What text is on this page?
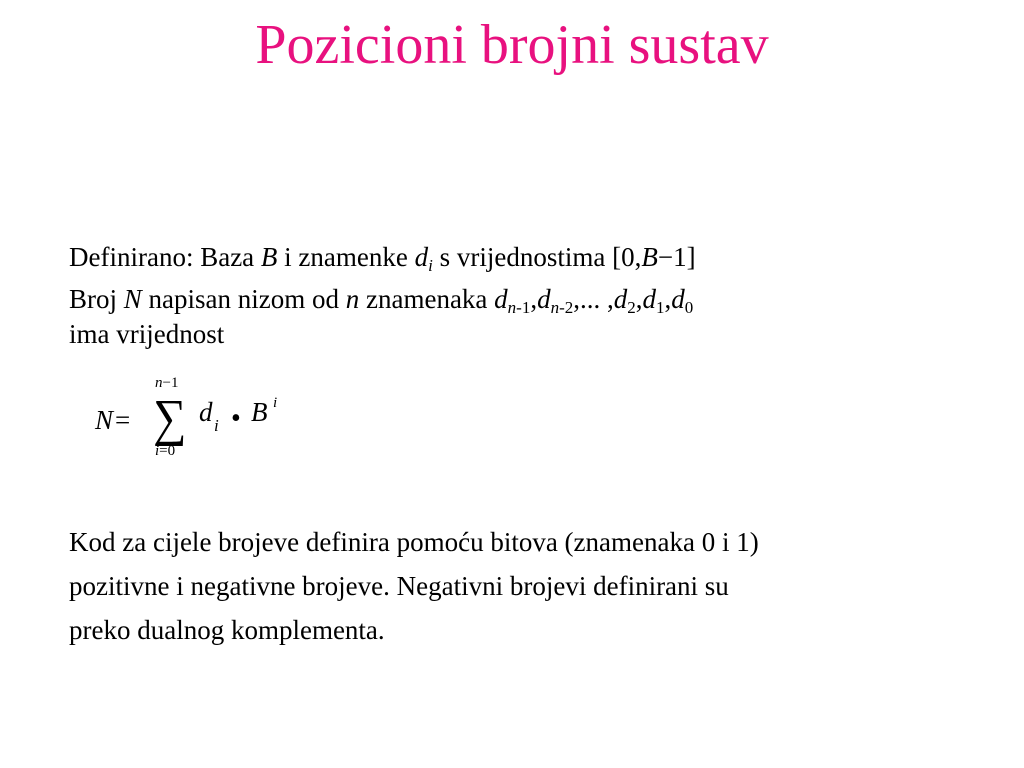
Pozicioni brojni sustav
Definirano: Baza B i znamenke $d_i$ s vrijednostima [0,B−1]
Broj N napisan nizom od n znamenaka $d_{n-1},d_{n-2}$,... $,d_2,d_1,d_0$
ima vrijednost
N =
n−1
∑
i=0
d i • B i
Kod za cijele brojeve definira pomoću bitova (znamenaka 0 i 1)
pozitivne i negativne brojeve. Negativni brojevi definirani su
preko dualnog komplementa.
